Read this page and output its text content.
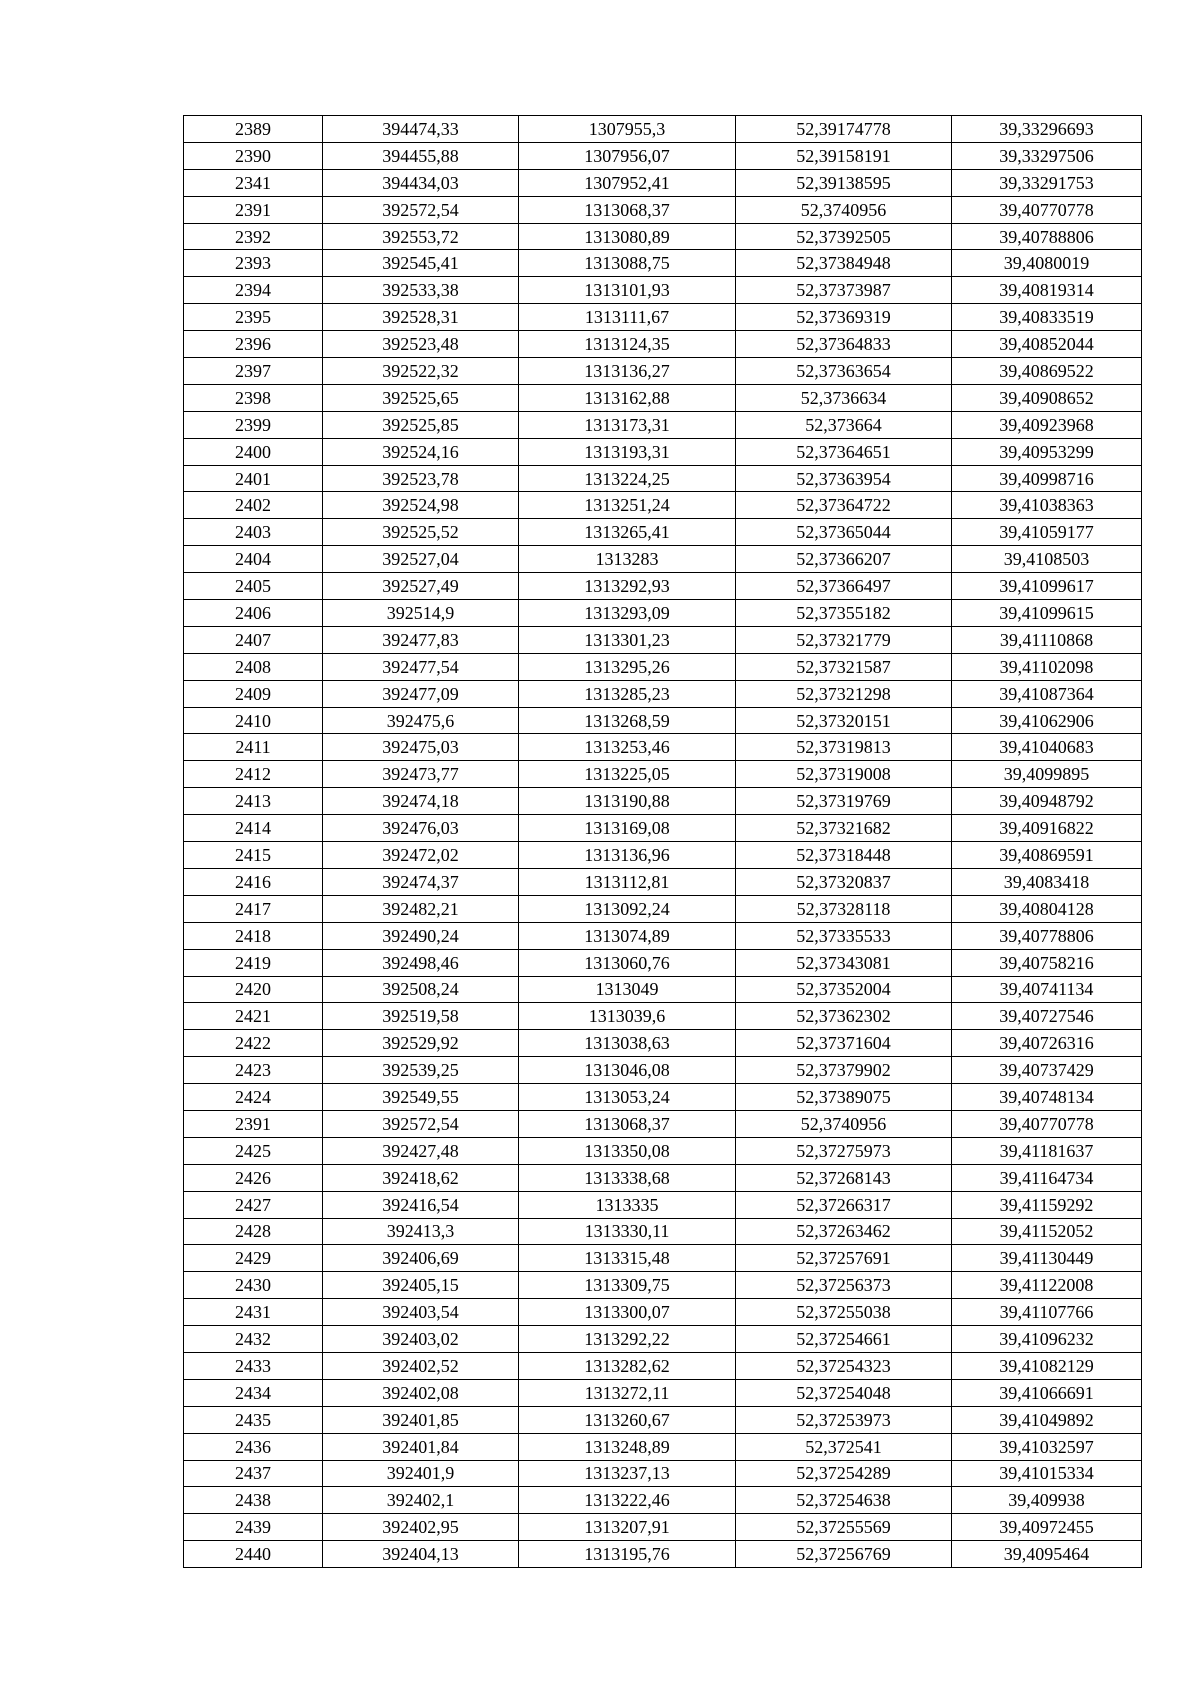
2389	394474,33	1307955,3	52,39174778	39,33296693
2390	394455,88	1307956,07	52,39158191	39,33297506
2341	394434,03	1307952,41	52,39138595	39,33291753
2391	392572,54	1313068,37	52,3740956	39,40770778
2392	392553,72	1313080,89	52,37392505	39,40788806
2393	392545,41	1313088,75	52,37384948	39,4080019
2394	392533,38	1313101,93	52,37373987	39,40819314
2395	392528,31	1313111,67	52,37369319	39,40833519
2396	392523,48	1313124,35	52,37364833	39,40852044
2397	392522,32	1313136,27	52,37363654	39,40869522
2398	392525,65	1313162,88	52,3736634	39,40908652
2399	392525,85	1313173,31	52,373664	39,40923968
2400	392524,16	1313193,31	52,37364651	39,40953299
2401	392523,78	1313224,25	52,37363954	39,40998716
2402	392524,98	1313251,24	52,37364722	39,41038363
2403	392525,52	1313265,41	52,37365044	39,41059177
2404	392527,04	1313283	52,37366207	39,4108503
2405	392527,49	1313292,93	52,37366497	39,41099617
2406	392514,9	1313293,09	52,37355182	39,41099615
2407	392477,83	1313301,23	52,37321779	39,41110868
2408	392477,54	1313295,26	52,37321587	39,41102098
2409	392477,09	1313285,23	52,37321298	39,41087364
2410	392475,6	1313268,59	52,37320151	39,41062906
2411	392475,03	1313253,46	52,37319813	39,41040683
2412	392473,77	1313225,05	52,37319008	39,4099895
2413	392474,18	1313190,88	52,37319769	39,40948792
2414	392476,03	1313169,08	52,37321682	39,40916822
2415	392472,02	1313136,96	52,37318448	39,40869591
2416	392474,37	1313112,81	52,37320837	39,4083418
2417	392482,21	1313092,24	52,37328118	39,40804128
2418	392490,24	1313074,89	52,37335533	39,40778806
2419	392498,46	1313060,76	52,37343081	39,40758216
2420	392508,24	1313049	52,37352004	39,40741134
2421	392519,58	1313039,6	52,37362302	39,40727546
2422	392529,92	1313038,63	52,37371604	39,40726316
2423	392539,25	1313046,08	52,37379902	39,40737429
2424	392549,55	1313053,24	52,37389075	39,40748134
2391	392572,54	1313068,37	52,3740956	39,40770778
2425	392427,48	1313350,08	52,37275973	39,41181637
2426	392418,62	1313338,68	52,37268143	39,41164734
2427	392416,54	1313335	52,37266317	39,41159292
2428	392413,3	1313330,11	52,37263462	39,41152052
2429	392406,69	1313315,48	52,37257691	39,41130449
2430	392405,15	1313309,75	52,37256373	39,41122008
2431	392403,54	1313300,07	52,37255038	39,41107766
2432	392403,02	1313292,22	52,37254661	39,41096232
2433	392402,52	1313282,62	52,37254323	39,41082129
2434	392402,08	1313272,11	52,37254048	39,41066691
2435	392401,85	1313260,67	52,37253973	39,41049892
2436	392401,84	1313248,89	52,372541	39,41032597
2437	392401,9	1313237,13	52,37254289	39,41015334
2438	392402,1	1313222,46	52,37254638	39,409938
2439	392402,95	1313207,91	52,37255569	39,40972455
2440	392404,13	1313195,76	52,37256769	39,4095464
